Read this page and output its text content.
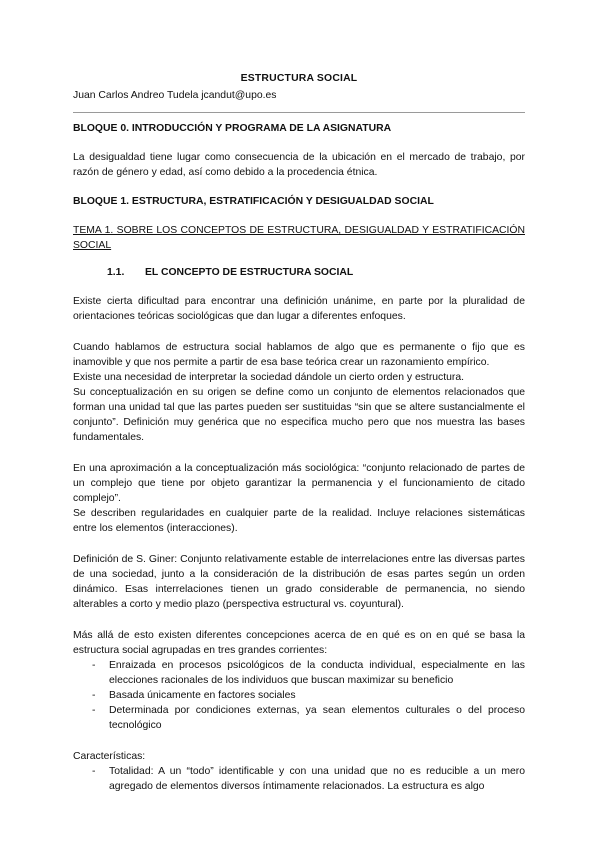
ESTRUCTURA SOCIAL

Juan Carlos Andreo Tudela jcandut@upo.es

BLOQUE 0. INTRODUCCIÓN Y PROGRAMA DE LA ASIGNATURA

La desigualdad tiene lugar como consecuencia de la ubicación en el mercado de trabajo, por razón de género y edad, así como debido a la procedencia étnica.

BLOQUE 1. ESTRUCTURA, ESTRATIFICACIÓN Y DESIGUALDAD SOCIAL

TEMA 1. SOBRE LOS CONCEPTOS DE ESTRUCTURA, DESIGUALDAD Y ESTRATIFICACIÓN SOCIAL

1.1. EL CONCEPTO DE ESTRUCTURA SOCIAL

Existe cierta dificultad para encontrar una definición unánime, en parte por la pluralidad de orientaciones teóricas sociológicas que dan lugar a diferentes enfoques.

Cuando hablamos de estructura social hablamos de algo que es permanente o fijo que es inamovible y que nos permite a partir de esa base teórica crear un razonamiento empírico.

Existe una necesidad de interpretar la sociedad dándole un cierto orden y estructura.

Su conceptualización en su origen se define como un conjunto de elementos relacionados que forman una unidad tal que las partes pueden ser sustituidas “sin que se altere sustancialmente el conjunto”. Definición muy genérica que no especifica mucho pero que nos muestra las bases fundamentales.

En una aproximación a la conceptualización más sociológica: “conjunto relacionado de partes de un complejo que tiene por objeto garantizar la permanencia y el funcionamiento de citado complejo”.

Se describen regularidades en cualquier parte de la realidad. Incluye relaciones sistemáticas entre los elementos (interacciones).

Definición de S. Giner: Conjunto relativamente estable de interrelaciones entre las diversas partes de una sociedad, junto a la consideración de la distribución de esas partes según un orden dinámico. Esas interrelaciones tienen un grado considerable de permanencia, no siendo alterables a corto y medio plazo (perspectiva estructural vs. coyuntural).

Más allá de esto existen diferentes concepciones acerca de en qué es on en qué se basa la estructura social agrupadas en tres grandes corrientes:

- Enraizada en procesos psicológicos de la conducta individual, especialmente en las elecciones racionales de los individuos que buscan maximizar su beneficio
- Basada únicamente en factores sociales
- Determinada por condiciones externas, ya sean elementos culturales o del proceso tecnológico

Características:

- Totalidad: A un “todo” identificable y con una unidad que no es reducible a un mero agregado de elementos diversos íntimamente relacionados. La estructura es algo
